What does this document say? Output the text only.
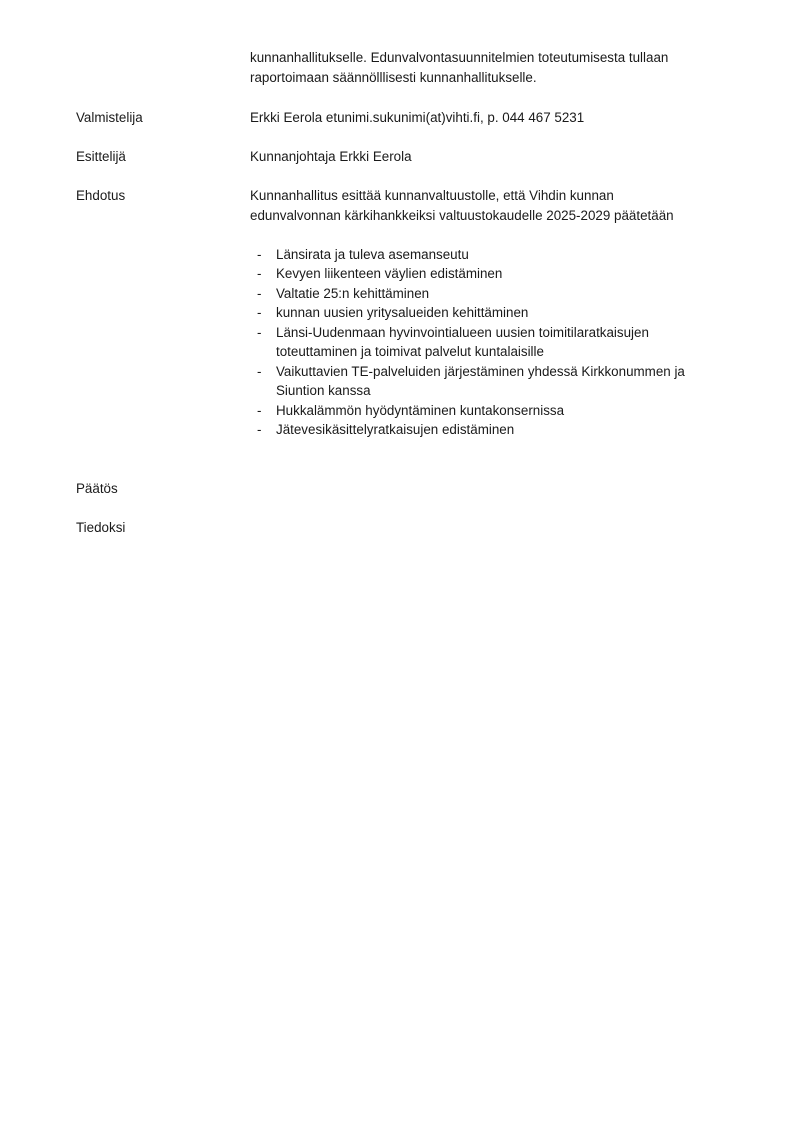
kunnanhallitukselle. Edunvalvontasuunnitelmien toteutumisesta tullaan
raportoimaan säännölllisesti kunnanhallitukselle.
Valmistelija	Erkki Eerola etunimi.sukunimi(at)vihti.fi, p. 044 467 5231
Esittelijä	Kunnanjohtaja Erkki Eerola
Ehdotus	Kunnanhallitus esittää kunnanvaltuustolle, että Vihdin kunnan
edunvalvonnan kärkihankkeiksi valtuustokaudelle 2025-2029 päätetään
- Länsirata ja tuleva asemanseutu
- Kevyen liikenteen väylien edistäminen
- Valtatie 25:n kehittäminen
- kunnan uusien yritysalueiden kehittäminen
- Länsi-Uudenmaan hyvinvointialueen uusien toimitilaratkaisujen
toteuttaminen ja toimivat palvelut kuntalaisille
- Vaikuttavien TE-palveluiden järjestäminen yhdessä Kirkkonummen ja
Siuntion kanssa
- Hukkalämmön hyödyntäminen kuntakonsernissa
- Jätevesikäsittelyratkaisujen edistäminen
Päätös
Tiedoksi
